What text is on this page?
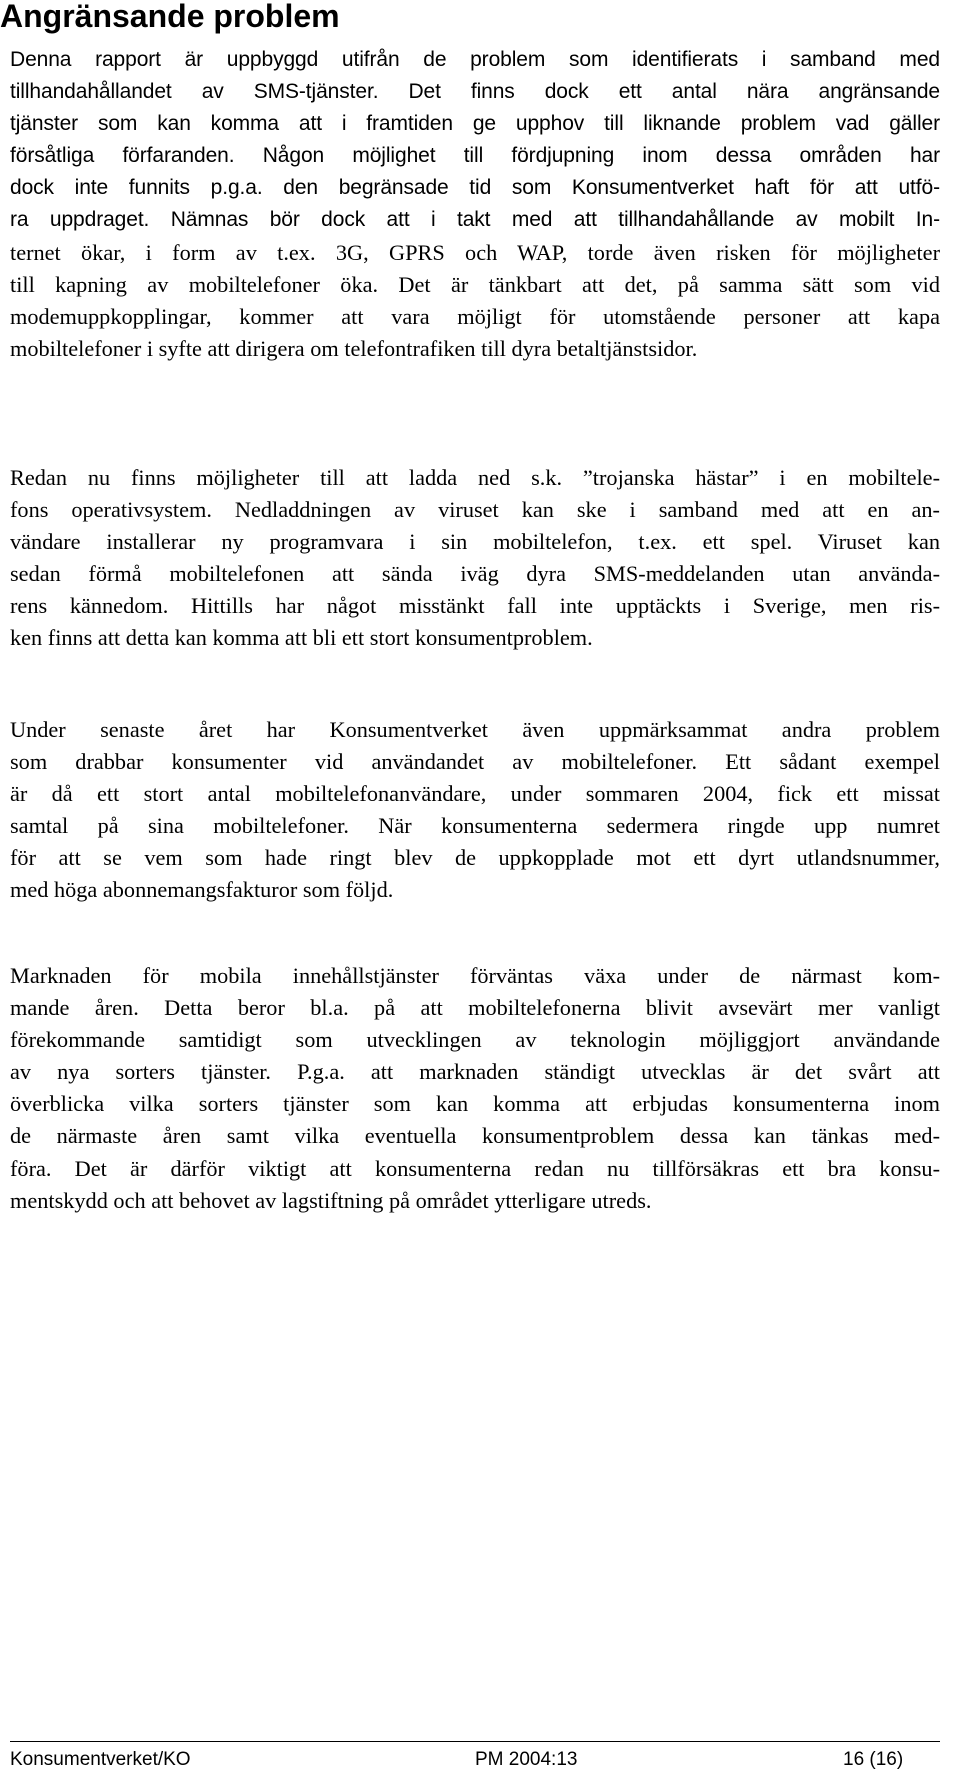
Angränsande problem

Denna rapport är uppbyggd utifrån de problem som identifierats i samband med
tillhandahållandet av SMS-tjänster. Det finns dock ett antal nära angränsande
tjänster som kan komma att i framtiden ge upphov till liknande problem vad gäller
försåtliga förfaranden. Någon möjlighet till fördjupning inom dessa områden har
dock inte funnits p.g.a. den begränsade tid som Konsumentverket haft för att utfö-
ra uppdraget. Nämnas bör dock att i takt med att tillhandahållande av mobilt In-
ternet ökar, i form av t.ex. 3G, GPRS och WAP, torde även risken för möjligheter
till kapning av mobiltelefoner öka. Det är tänkbart att det, på samma sätt som vid
modemuppkopplingar, kommer att vara möjligt för utomstående personer att kapa
mobiltelefoner i syfte att dirigera om telefontrafiken till dyra betaltjänstsidor.

Redan nu finns möjligheter till att ladda ned s.k. ”trojanska hästar” i en mobiltele-
fons operativsystem. Nedladdningen av viruset kan ske i samband med att en an-
vändare installerar ny programvara i sin mobiltelefon, t.ex. ett spel. Viruset kan
sedan förmå mobiltelefonen att sända iväg dyra SMS-meddelanden utan använda-
rens kännedom. Hittills har något misstänkt fall inte upptäckts i Sverige, men ris-
ken finns att detta kan komma att bli ett stort konsumentproblem.

Under senaste året har Konsumentverket även uppmärksammat andra problem
som drabbar konsumenter vid användandet av mobiltelefoner. Ett sådant exempel
är då ett stort antal mobiltelefonanvändare, under sommaren 2004, fick ett missat
samtal på sina mobiltelefoner. När konsumenterna sedermera ringde upp numret
för att se vem som hade ringt blev de uppkopplade mot ett dyrt utlandsnummer,
med höga abonnemangsfakturor som följd.

Marknaden för mobila innehållstjänster förväntas växa under de närmast kom-
mande åren. Detta beror bl.a. på att mobiltelefonerna blivit avsevärt mer vanligt
förekommande samtidigt som utvecklingen av teknologin möjliggjort användande
av nya sorters tjänster. P.g.a. att marknaden ständigt utvecklas är det svårt att
överblicka vilka sorters tjänster som kan komma att erbjudas konsumenterna inom
de närmaste åren samt vilka eventuella konsumentproblem dessa kan tänkas med-
föra. Det är därför viktigt att konsumenterna redan nu tillförsäkras ett bra konsu-
mentskydd och att behovet av lagstiftning på området ytterligare utreds.

Konsumentverket/KO	PM 2004:13	16 (16)
